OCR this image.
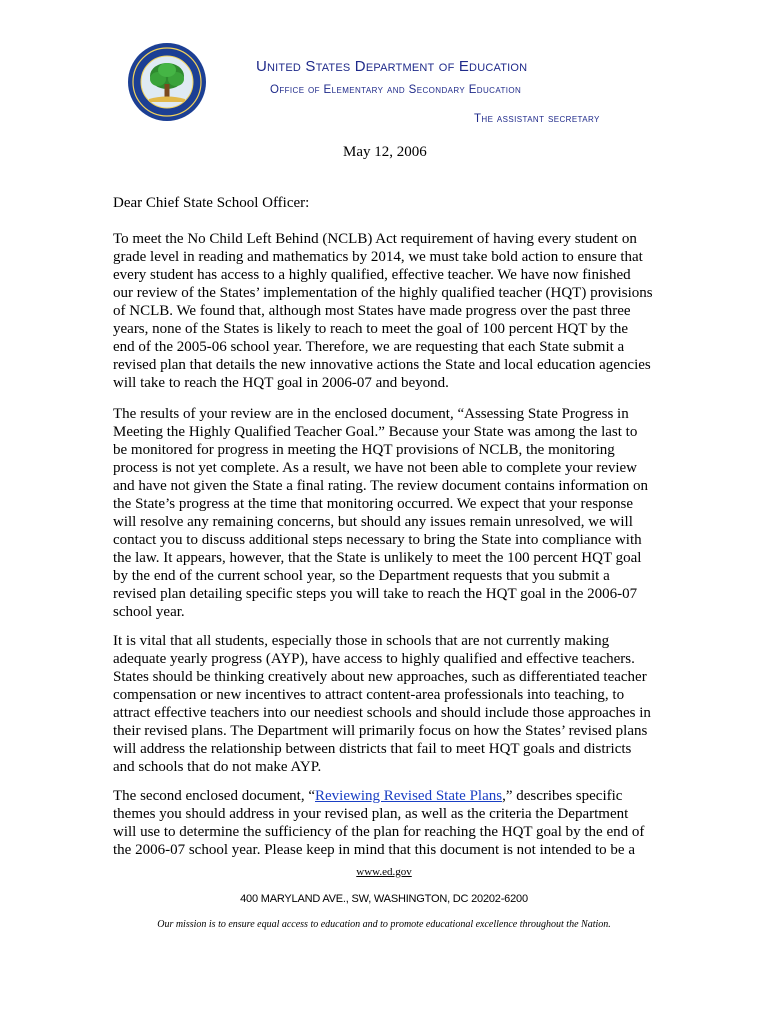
United States Department of Education
Office of Elementary and Secondary Education
The assistant secretary
May 12, 2006
Dear Chief State School Officer:
To meet the No Child Left Behind (NCLB) Act requirement of having every student on
grade level in reading and mathematics by 2014, we must take bold action to ensure that
every student has access to a highly qualified, effective teacher. We have now finished
our review of the States’ implementation of the highly qualified teacher (HQT) provisions
of NCLB. We found that, although most States have made progress over the past three
years, none of the States is likely to reach to meet the goal of 100 percent HQT by the
end of the 2005-06 school year. Therefore, we are requesting that each State submit a
revised plan that details the new innovative actions the State and local education agencies
will take to reach the HQT goal in 2006-07 and beyond.
The results of your review are in the enclosed document, “Assessing State Progress in
Meeting the Highly Qualified Teacher Goal.” Because your State was among the last to
be monitored for progress in meeting the HQT provisions of NCLB, the monitoring
process is not yet complete. As a result, we have not been able to complete your review
and have not given the State a final rating. The review document contains information on
the State’s progress at the time that monitoring occurred. We expect that your response
will resolve any remaining concerns, but should any issues remain unresolved, we will
contact you to discuss additional steps necessary to bring the State into compliance with
the law. It appears, however, that the State is unlikely to meet the 100 percent HQT goal
by the end of the current school year, so the Department requests that you submit a
revised plan detailing specific steps you will take to reach the HQT goal in the 2006-07
school year.
It is vital that all students, especially those in schools that are not currently making
adequate yearly progress (AYP), have access to highly qualified and effective teachers.
States should be thinking creatively about new approaches, such as differentiated teacher
compensation or new incentives to attract content-area professionals into teaching, to
attract effective teachers into our neediest schools and should include those approaches in
their revised plans. The Department will primarily focus on how the States’ revised plans
will address the relationship between districts that fail to meet HQT goals and districts
and schools that do not make AYP.
The second enclosed document, “Reviewing Revised State Plans,” describes specific
themes you should address in your revised plan, as well as the criteria the Department
will use to determine the sufficiency of the plan for reaching the HQT goal by the end of
the 2006-07 school year. Please keep in mind that this document is not intended to be a
www.ed.gov
400 MARYLAND AVE., SW, WASHINGTON, DC 20202-6200
Our mission is to ensure equal access to education and to promote educational excellence throughout the Nation.
